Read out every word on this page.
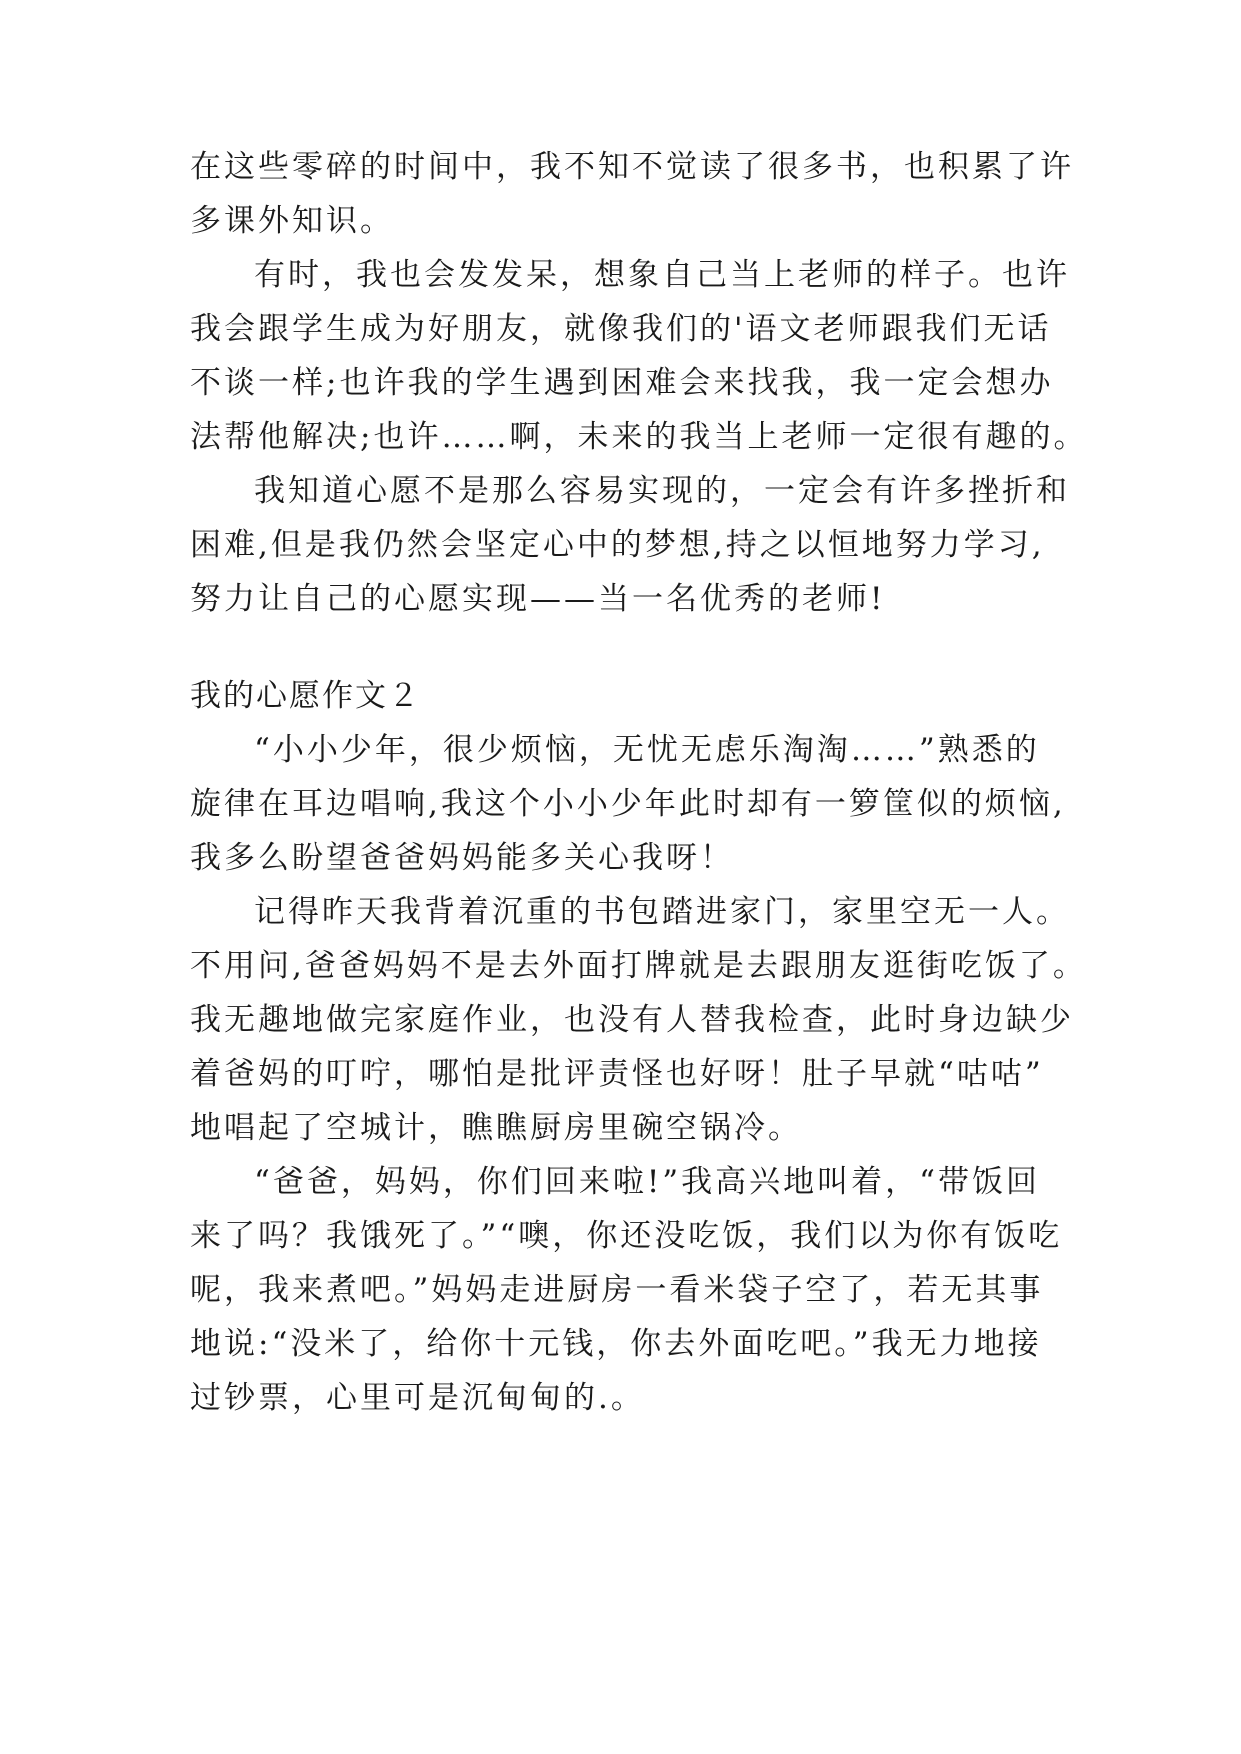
在这些零碎的时间中，我不知不觉读了很多书，也积累了许
多课外知识。
有时，我也会发发呆，想象自己当上老师的样子。也许
我会跟学生成为好朋友，就像我们的'语文老师跟我们无话
不谈一样;也许我的学生遇到困难会来找我，我一定会想办
法帮他解决;也许……啊，未来的我当上老师一定很有趣的。
我知道心愿不是那么容易实现的，一定会有许多挫折和
困难,但是我仍然会坚定心中的梦想,持之以恒地努力学习,
努力让自己的心愿实现——当一名优秀的老师!
我的心愿作文２
“小小少年，很少烦恼，无忧无虑乐淘淘……”熟悉的
旋律在耳边唱响,我这个小小少年此时却有一箩筐似的烦恼,
我多么盼望爸爸妈妈能多关心我呀！
记得昨天我背着沉重的书包踏进家门，家里空无一人。
不用问,爸爸妈妈不是去外面打牌就是去跟朋友逛街吃饭了。
我无趣地做完家庭作业，也没有人替我检查，此时身边缺少
着爸妈的叮咛，哪怕是批评责怪也好呀！肚子早就“咕咕”
地唱起了空城计，瞧瞧厨房里碗空锅冷。
“爸爸，妈妈，你们回来啦!”我高兴地叫着，“带饭回
来了吗？我饿死了。”“噢，你还没吃饭，我们以为你有饭吃
呢，我来煮吧。”妈妈走进厨房一看米袋子空了，若无其事
地说:“没米了，给你十元钱，你去外面吃吧。”我无力地接
过钞票，心里可是沉甸甸的.。
